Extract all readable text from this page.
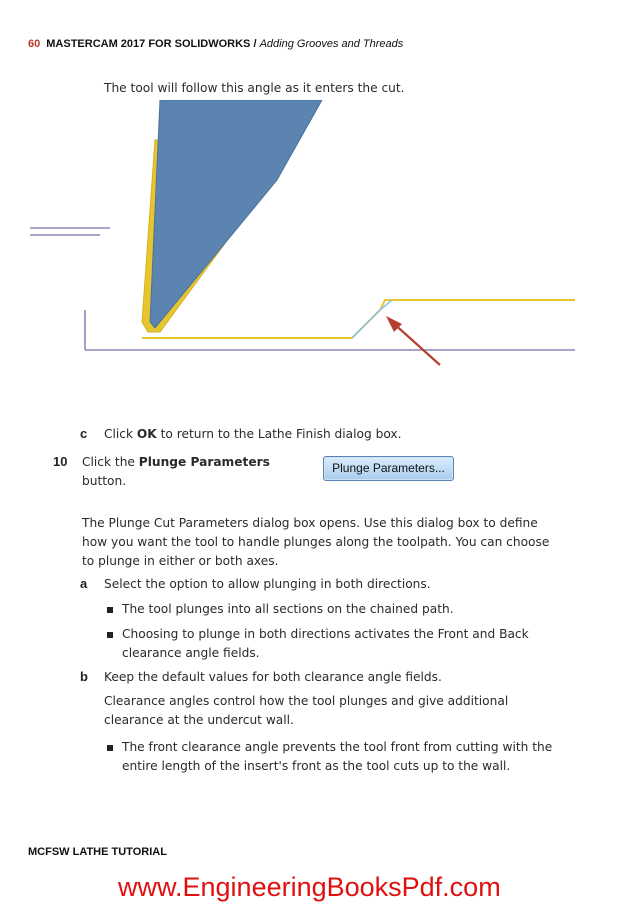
60 MASTERCAM 2017 FOR SOLIDWORKS / Adding Grooves and Threads
The tool will follow this angle as it enters the cut.
c Click OK to return to the Lathe Finish dialog box.
10 Click the Plunge Parameters
button.
Plunge Parameters...
The Plunge Cut Parameters dialog box opens. Use this dialog box to define
how you want the tool to handle plunges along the toolpath. You can choose
to plunge in either or both axes.
a Select the option to allow plunging in both directions.
The tool plunges into all sections on the chained path.
Choosing to plunge in both directions activates the Front and Back
clearance angle fields.
b Keep the default values for both clearance angle fields.
Clearance angles control how the tool plunges and give additional
clearance at the undercut wall.
The front clearance angle prevents the tool front from cutting with the
entire length of the insert's front as the tool cuts up to the wall.
MCFSW LATHE TUTORIAL
www.EngineeringBooksPdf.com
